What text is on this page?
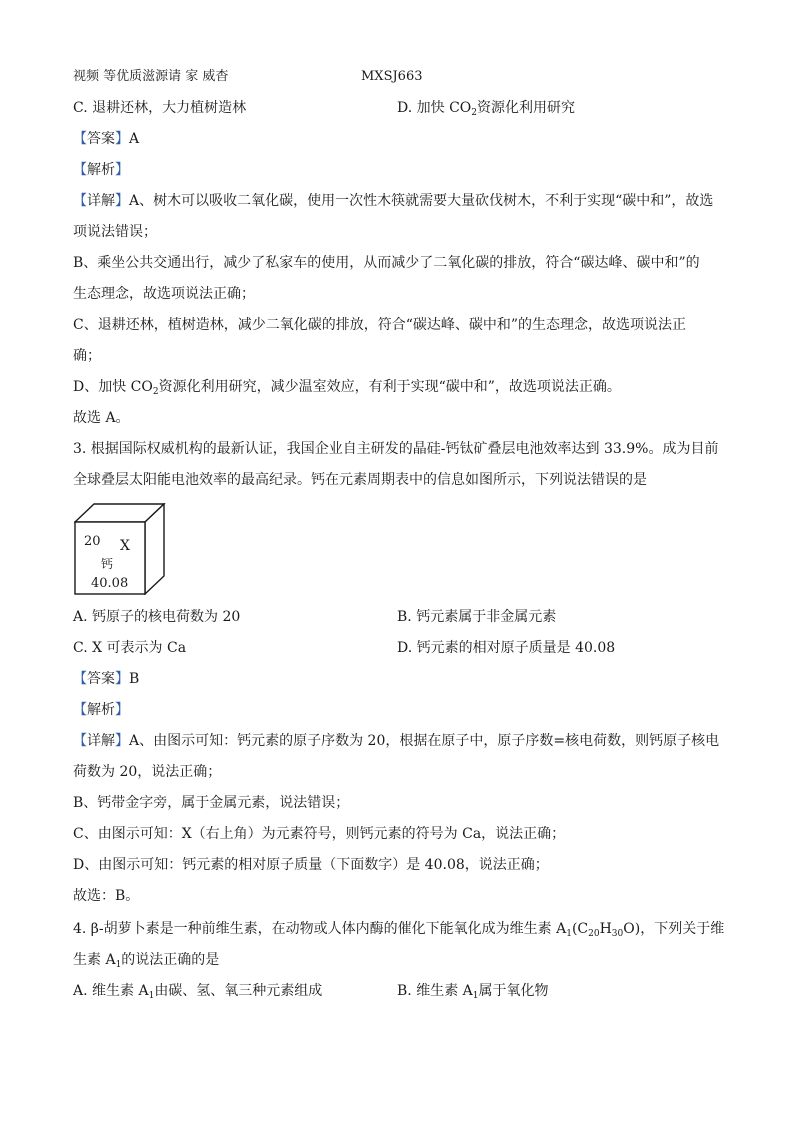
视频 等优质滋源请 家 威杳	MXSJ663
C. 退耕还林，大力植树造林	D. 加快 $CO_2$资源化利用研究
【答案】A
【解析】
【详解】A、树木可以吸收二氧化碳，使用一次性木筷就需要大量砍伐树木，不利于实现“碳中和”，故选
项说法错误；
B、乘坐公共交通出行，减少了私家车的使用，从而减少了二氧化碳的排放，符合“碳达峰、碳中和”的
生态理念，故选项说法正确；
C、退耕还林，植树造林，减少二氧化碳的排放，符合“碳达峰、碳中和”的生态理念，故选项说法正
确；
D、加快 $CO_2$资源化利用研究，减少温室效应，有利于实现“碳中和”，故选项说法正确。
故选 A。
3. 根据国际权威机构的最新认证，我国企业自主研发的晶硅-钙钛矿叠层电池效率达到 33.9%。成为目前
全球叠层太阳能电池效率的最高纪录。钙在元素周期表中的信息如图所示，下列说法错误的是
20 X
钙
40.08
A. 钙原子的核电荷数为 20	B. 钙元素属于非金属元素
C. X 可表示为 Ca	D. 钙元素的相对原子质量是 40.08
【答案】B
【解析】
【详解】A、由图示可知：钙元素的原子序数为 20，根据在原子中，原子序数=核电荷数，则钙原子核电
荷数为 20，说法正确；
B、钙带金字旁，属于金属元素，说法错误；
C、由图示可知：X（右上角）为元素符号，则钙元素的符号为 Ca，说法正确；
D、由图示可知：钙元素的相对原子质量（下面数字）是 40.08，说法正确；
故选：B。
4. β-胡萝卜素是一种前维生素，在动物或人体内酶的催化下能氧化成为维生素 $A_1(C_{20}H_{30}O)$，下列关于维
生素 $A_1$的说法正确的是
A. 维生素 $A_1$由碳、氢、氧三种元素组成	B. 维生素 $A_1$属于氧化物
